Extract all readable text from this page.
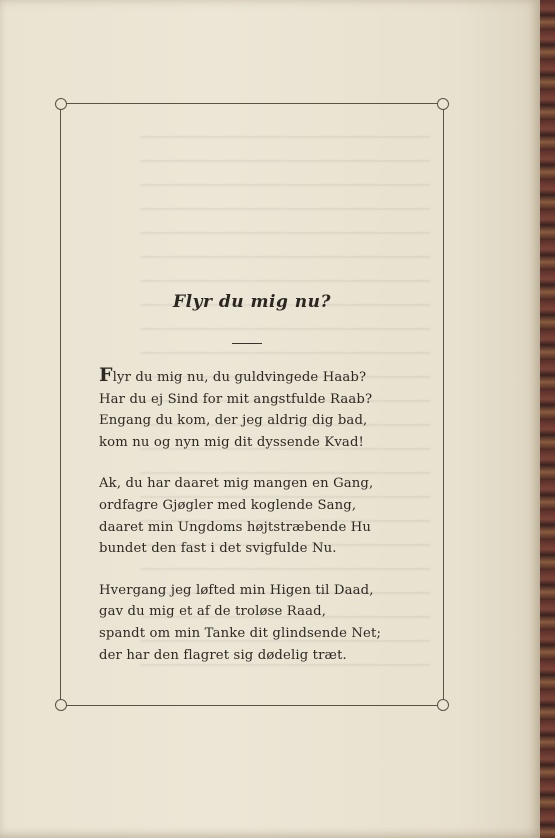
Flyr du mig nu?
Flyr du mig nu, du guldvingede Haab?
Har du ej Sind for mit angstfulde Raab?
Engang du kom, der jeg aldrig dig bad,
kom nu og nyn mig dit dyssende Kvad!
Ak, du har daaret mig mangen en Gang,
ordfagre Gjøgler med koglende Sang,
daaret min Ungdoms højtstræbende Hu
bundet den fast i det svigfulde Nu.
Hvergang jeg løfted min Higen til Daad,
gav du mig et af de troløse Raad,
spandt om min Tanke dit glindsende Net;
der har den flagret sig dødelig træt.
